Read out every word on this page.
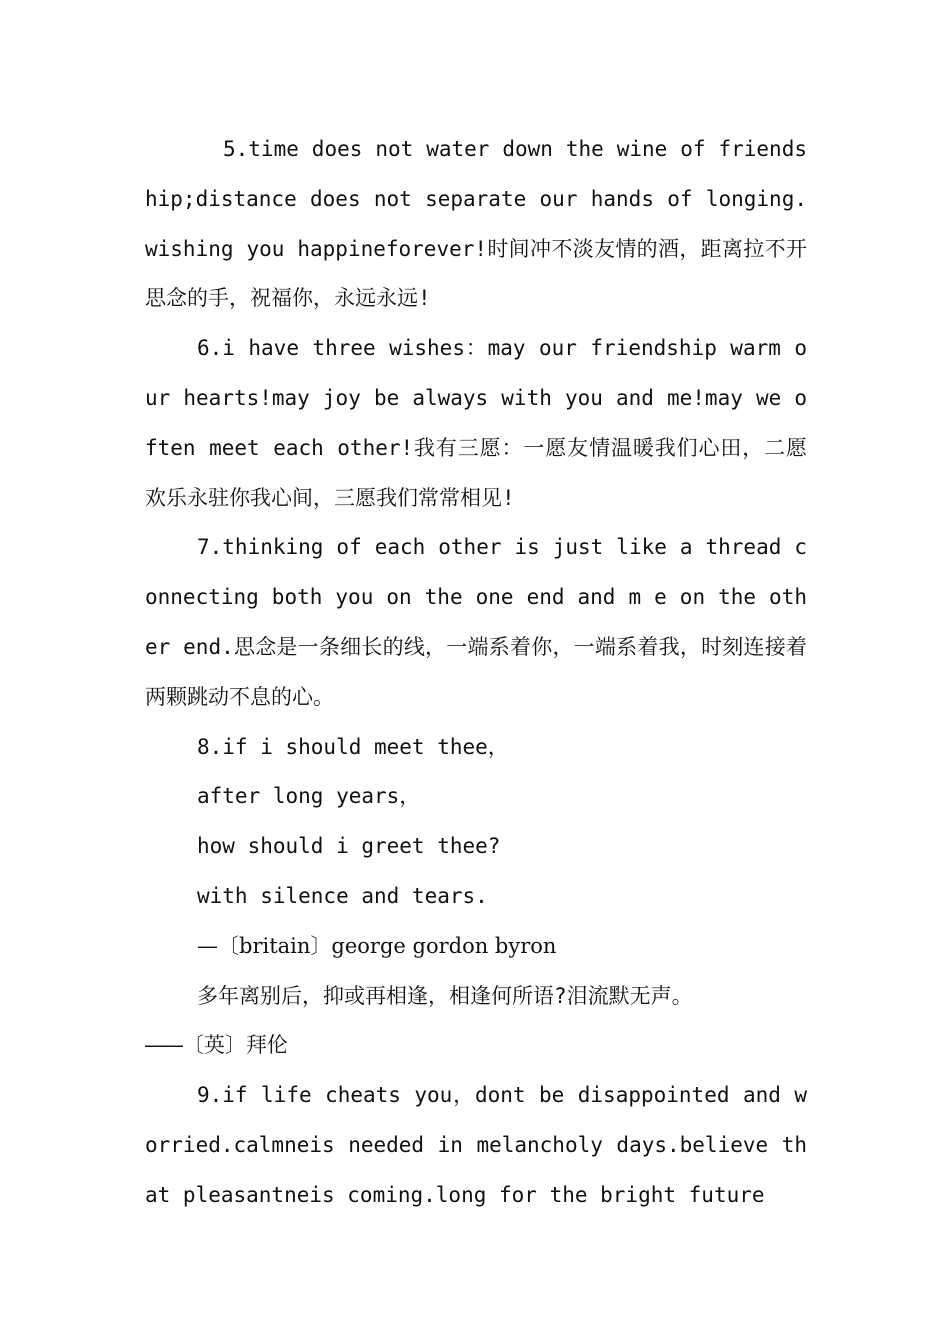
5.time does not water down the wine of friendship;distance does not separate our hands of longing.wishing you happineforever!时间冲不淡友情的酒，距离拉不开思念的手，祝福你，永远永远!

6.i have three wishes：may our friendship warm our hearts!may joy be always with you and me!may we often meet each other!我有三愿：一愿友情温暖我们心田，二愿欢乐永驻你我心间，三愿我们常常相见!

7.thinking of each other is just like a thread connecting both you on the one end and m e on the other end.思念是一条细长的线，一端系着你，一端系着我，时刻连接着两颗跳动不息的心。

8.if i should meet thee，

after long years，

how should i greet thee?

with silence and tears.

—〔britain〕george gordon byron

多年离别后，抑或再相逢，相逢何所语?泪流默无声。

———〔英〕拜伦

9.if life cheats you，dont be disappointed and worried.calmneis needed in melancholy days.believe that pleasantneis coming.long for the bright future
